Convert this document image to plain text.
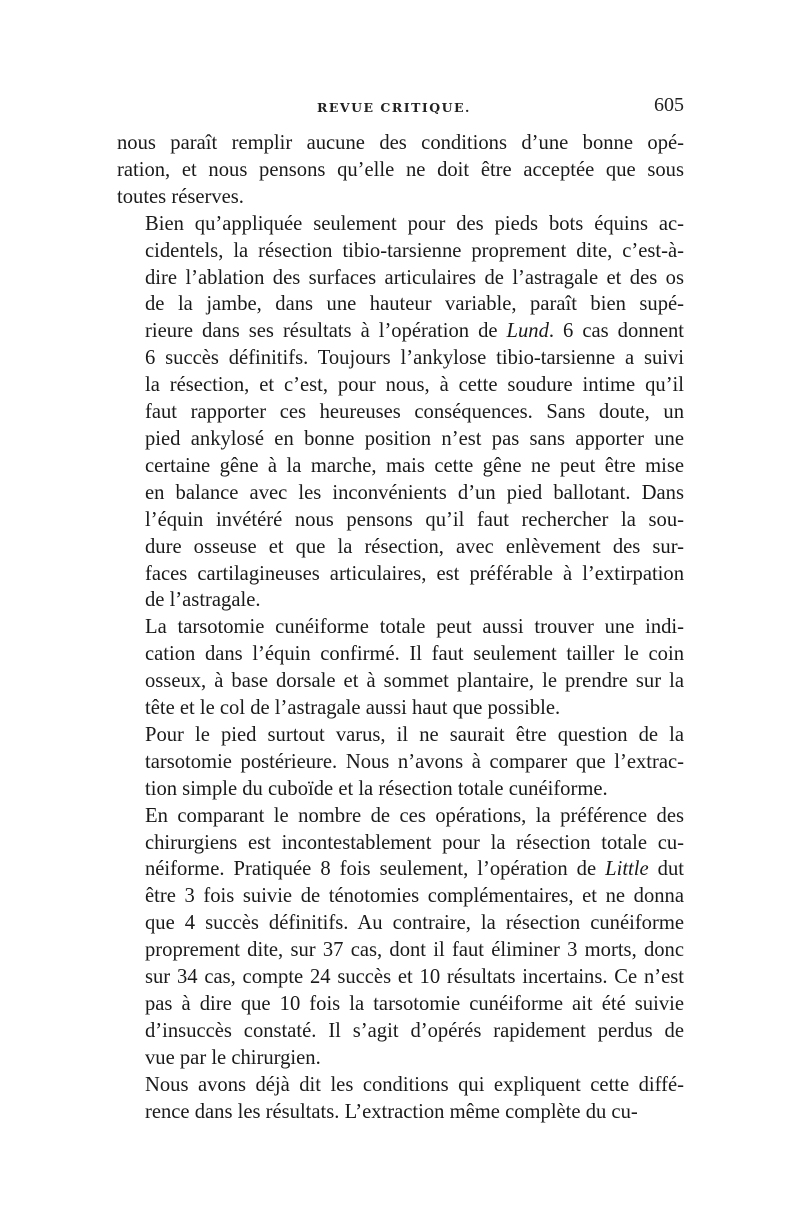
REVUE CRITIQUE.	605

nous paraît remplir aucune des conditions d’une bonne opé-
ration, et nous pensons qu’elle ne doit être acceptée que sous
toutes réserves.

Bien qu’appliquée seulement pour des pieds bots équins ac-
cidentels, la résection tibio-tarsienne proprement dite, c’est-à-
dire l’ablation des surfaces articulaires de l’astragale et des os
de la jambe, dans une hauteur variable, paraît bien supé-
rieure dans ses résultats à l’opération de Lund. 6 cas donnent
6 succès définitifs. Toujours l’ankylose tibio-tarsienne a suivi
la résection, et c’est, pour nous, à cette soudure intime qu’il
faut rapporter ces heureuses conséquences. Sans doute, un
pied ankylosé en bonne position n’est pas sans apporter une
certaine gêne à la marche, mais cette gêne ne peut être mise
en balance avec les inconvénients d’un pied ballotant. Dans
l’équin invétéré nous pensons qu’il faut rechercher la sou-
dure osseuse et que la résection, avec enlèvement des sur-
faces cartilagineuses articulaires, est préférable à l’extirpation
de l’astragale.

La tarsotomie cunéiforme totale peut aussi trouver une indi-
cation dans l’équin confirmé. Il faut seulement tailler le coin
osseux, à base dorsale et à sommet plantaire, le prendre sur la
tête et le col de l’astragale aussi haut que possible.

Pour le pied surtout varus, il ne saurait être question de la
tarsotomie postérieure. Nous n’avons à comparer que l’extrac-
tion simple du cuboïde et la résection totale cunéiforme.

En comparant le nombre de ces opérations, la préférence des
chirurgiens est incontestablement pour la résection totale cu-
néiforme. Pratiquée 8 fois seulement, l’opération de Little dut
être 3 fois suivie de ténotomies complémentaires, et ne donna
que 4 succès définitifs. Au contraire, la résection cunéiforme
proprement dite, sur 37 cas, dont il faut éliminer 3 morts, donc
sur 34 cas, compte 24 succès et 10 résultats incertains. Ce n’est
pas à dire que 10 fois la tarsotomie cunéiforme ait été suivie
d’insuccès constaté. Il s’agit d’opérés rapidement perdus de
vue par le chirurgien.

Nous avons déjà dit les conditions qui expliquent cette diffé-
rence dans les résultats. L’extraction même complète du cu-
